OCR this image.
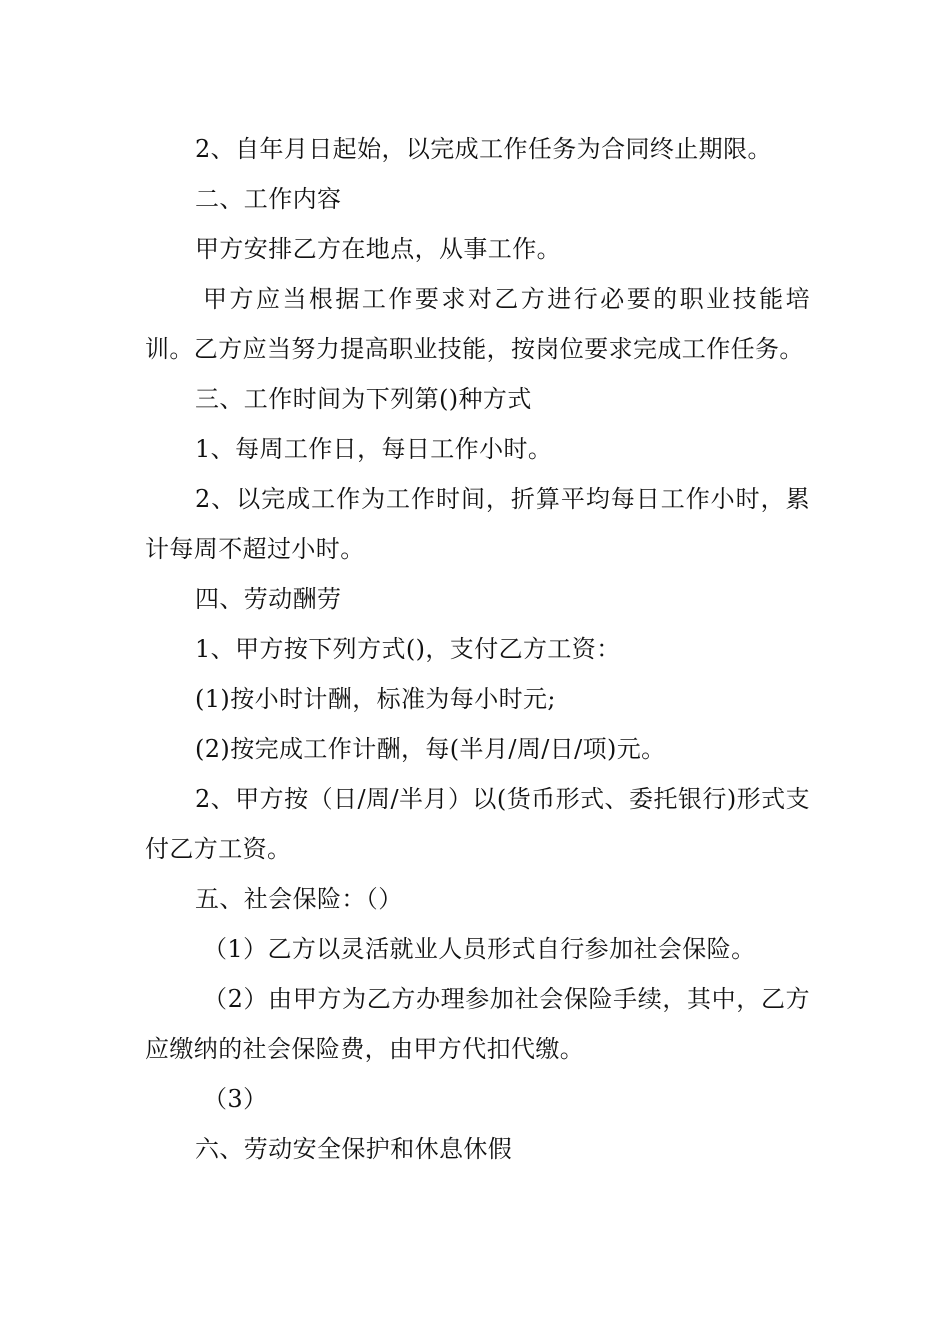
2、自年月日起始，以完成工作任务为合同终止期限。

二、工作内容

甲方安排乙方在地点，从事工作。

甲方应当根据工作要求对乙方进行必要的职业技能培训。乙方应当努力提高职业技能，按岗位要求完成工作任务。

三、工作时间为下列第()种方式

1、每周工作日，每日工作小时。

2、以完成工作为工作时间，折算平均每日工作小时，累计每周不超过小时。

四、劳动酬劳

1、甲方按下列方式()，支付乙方工资：

(1)按小时计酬，标准为每小时元;

(2)按完成工作计酬，每(半月/周/日/项)元。

2、甲方按（日/周/半月）以(货币形式、委托银行)形式支付乙方工资。

五、社会保险：（）

（1）乙方以灵活就业人员形式自行参加社会保险。

（2）由甲方为乙方办理参加社会保险手续，其中，乙方应缴纳的社会保险费，由甲方代扣代缴。

（3）

六、劳动安全保护和休息休假
